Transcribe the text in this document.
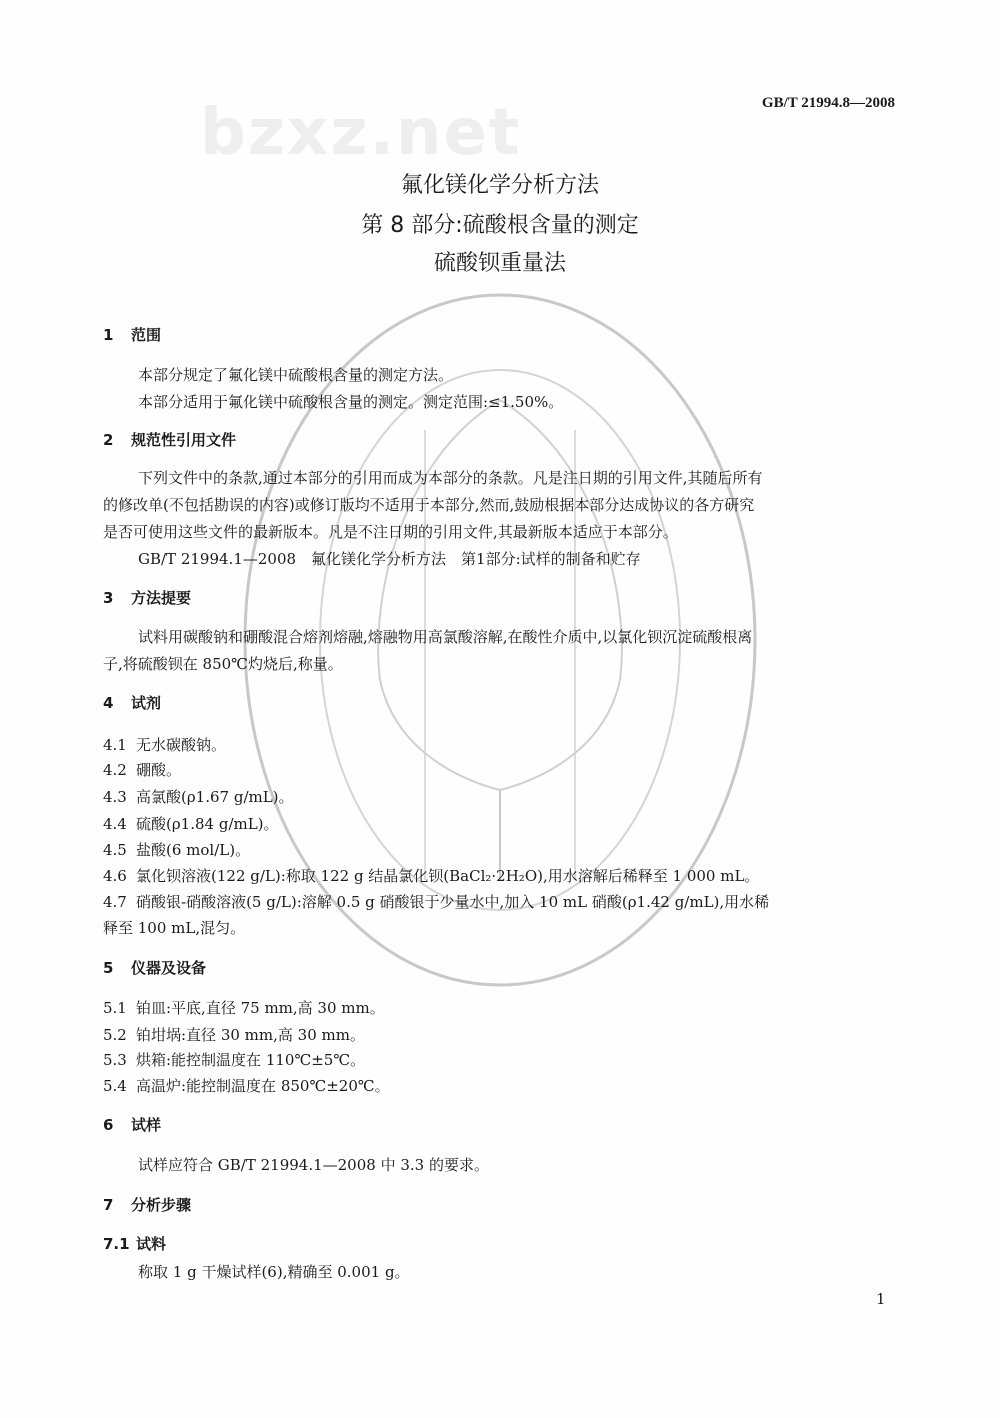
bzxz.net	GB/T 21994.8—2008
氟化镁化学分析方法
第 8 部分:硫酸根含量的测定
硫酸钡重量法
1 范围
本部分规定了氟化镁中硫酸根含量的测定方法。
本部分适用于氟化镁中硫酸根含量的测定。测定范围:≤1.50%。
2 规范性引用文件
下列文件中的条款,通过本部分的引用而成为本部分的条款。凡是注日期的引用文件,其随后所有
的修改单(不包括勘误的内容)或修订版均不适用于本部分,然而,鼓励根据本部分达成协议的各方研究
是否可使用这些文件的最新版本。凡是不注日期的引用文件,其最新版本适应于本部分。
GB/T 21994.1—2008　氟化镁化学分析方法　第1部分:试样的制备和贮存
3 方法提要
试料用碳酸钠和硼酸混合熔剂熔融,熔融物用高氯酸溶解,在酸性介质中,以氯化钡沉淀硫酸根离
子,将硫酸钡在 850℃灼烧后,称量。
4 试剂
4.1 无水碳酸钠。
4.2 硼酸。
4.3 高氯酸(ρ1.67 g/mL)。
4.4 硫酸(ρ1.84 g/mL)。
4.5 盐酸(6 mol/L)。
4.6 氯化钡溶液(122 g/L):称取 122 g 结晶氯化钡(BaCl₂·2H₂O),用水溶解后稀释至 1 000 mL。
4.7 硝酸银-硝酸溶液(5 g/L):溶解 0.5 g 硝酸银于少量水中,加入 10 mL 硝酸(ρ1.42 g/mL),用水稀
释至 100 mL,混匀。
5 仪器及设备
5.1 铂皿:平底,直径 75 mm,高 30 mm。
5.2 铂坩埚:直径 30 mm,高 30 mm。
5.3 烘箱:能控制温度在 110℃±5℃。
5.4 高温炉:能控制温度在 850℃±20℃。
6 试样
试样应符合 GB/T 21994.1—2008 中 3.3 的要求。
7 分析步骤
7.1 试料
称取 1 g 干燥试样(6),精确至 0.001 g。
1
